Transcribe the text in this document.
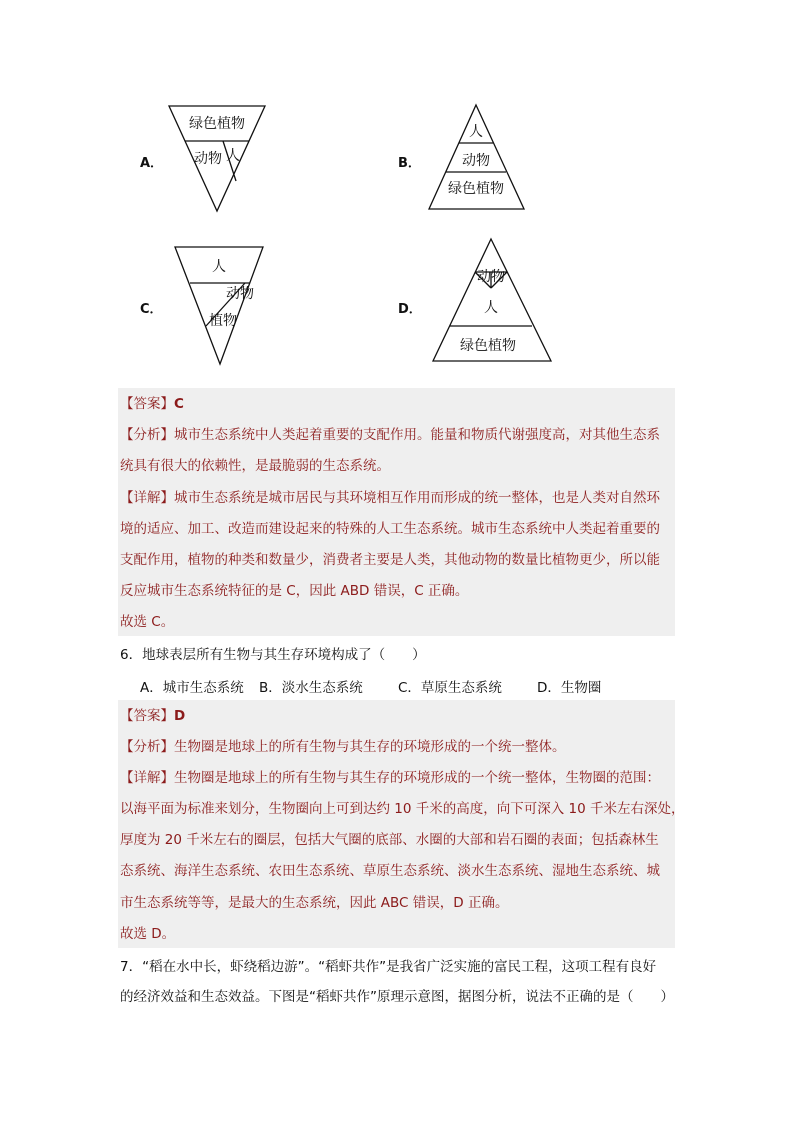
A．
绿色植物
动物 人	B．
人
动物
绿色植物
C．
人
动物
植物
D．
动物
人
绿色植物
【答案】C
【分析】城市生态系统中人类起着重要的支配作用。能量和物质代谢强度高，对其他生态系
统具有很大的依赖性，是最脆弱的生态系统。
【详解】城市生态系统是城市居民与其环境相互作用而形成的统一整体，也是人类对自然环
境的适应、加工、改造而建设起来的特殊的人工生态系统。城市生态系统中人类起着重要的
支配作用，植物的种类和数量少，消费者主要是人类，其他动物的数量比植物更少，所以能
反应城市生态系统特征的是 C，因此 ABD 错误，C 正确。
故选 C。
6．地球表层所有生物与其生存环境构成了（　　）
A．城市生态系统 B．淡水生态系统	C．草原生态系统	D．生物圈
【答案】D
【分析】生物圈是地球上的所有生物与其生存的环境形成的一个统一整体。
【详解】生物圈是地球上的所有生物与其生存的环境形成的一个统一整体，生物圈的范围：
以海平面为标准来划分，生物圈向上可到达约 10 千米的高度，向下可深入 10 千米左右深处，
厚度为 20 千米左右的圈层，包括大气圈的底部、水圈的大部和岩石圈的表面；包括森林生
态系统、海洋生态系统、农田生态系统、草原生态系统、淡水生态系统、湿地生态系统、城
市生态系统等等，是最大的生态系统，因此 ABC 错误，D 正确。
故选 D。
7．“稻在水中长，虾绕稻边游”。“稻虾共作”是我省广泛实施的富民工程，这项工程有良好
的经济效益和生态效益。下图是“稻虾共作”原理示意图，据图分析，说法不正确的是（　　）
